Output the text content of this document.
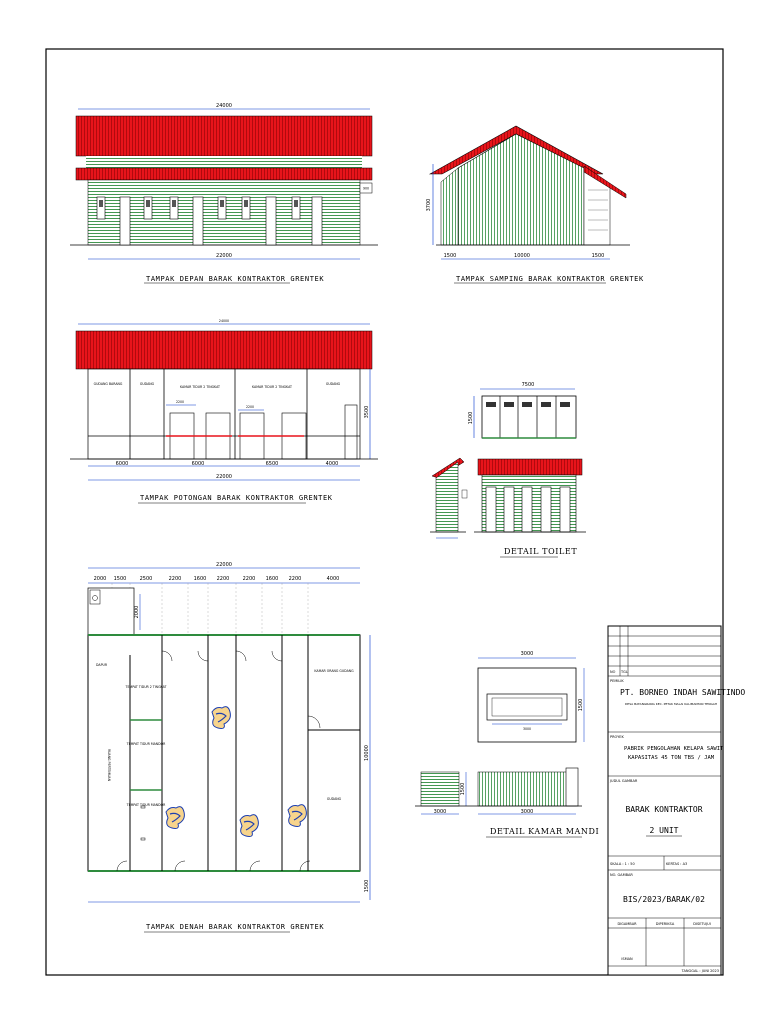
24000
900
22000
TAMPAK DEPAN BARAK KONTRAKTOR GRENTEK
3700
1500	10000	1500
TAMPAK SAMPING BARAK KONTRAKTOR GRENTEK
24000
GUDANG BARANG	GUDANG
KAMAR TIDUR 2 TINGKAT	KAMAR TIDUR 2 TINGKAT
GUDANG
2200
2200	3500
6000	6000	6500	4000
22000
TAMPAK POTONGAN BARAK KONTRAKTOR GRENTEK
7500
1500
DETAIL TOILET
22000
2000 1500	2500	2200 1600 2200	2200 1600 2200	4000
2000
DAPUR
TEMPAT TIDUR 2 TINGKAT
TEMPAT TIDUR MANDOR
TEMPAT TIDUR MANDOR
RUANG PERTEMUAN
KAMAR ORANG GUDANG
GUDANG
10000
1500
TAMPAK DENAH BARAK KONTRAKTOR GRENTEK
3000
3000
1500
1500
3000	3000
DETAIL KAMAR MANDI
NO TGL
PEMILIK
PT. BORNEO INDAH SAWITINDO
DESA BATANGRANG KEC. PETAK MALAI KALIMANTAN TENGAH
PROYEK
PABRIK PENGOLAHAN KELAPA SAWIT
KAPASITAS 45 TON TBS / JAM
JUDUL GAMBAR
BARAK KONTRAKTOR
2 UNIT
SKALA : 1 : 50	KERTAS : A3
NO. GAMBAR
BIS/2023/BARAK/02
DIGAMBAR	DIPERIKSA	DISETUJUI
ISMAN
TANGGAL : JUNI 2023
